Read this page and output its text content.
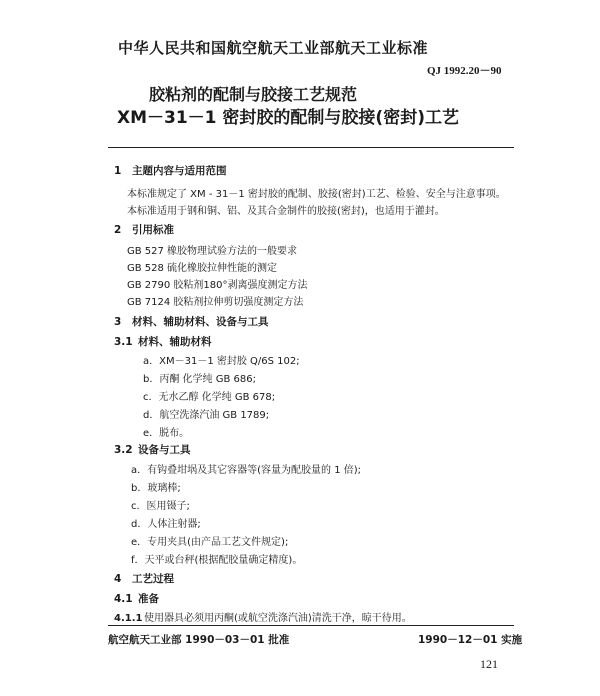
中华人民共和国航空航天工业部航天工业标准
QJ 1992.20－90
胶粘剂的配制与胶接工艺规范
XM－31－1 密封胶的配制与胶接(密封)工艺
1 主题内容与适用范围
本标准规定了 XM - 31－1 密封胶的配制、胶接(密封)工艺、检验、安全与注意事项。
本标准适用于钢和铜、铝、及其合金制件的胶接(密封)，也适用于灌封。
2 引用标准
GB 527 橡胶物理试验方法的一般要求
GB 528 硫化橡胶拉伸性能的测定
GB 2790 胶粘剂180°剥离强度测定方法
GB 7124 胶粘剂拉伸剪切强度测定方法
3 材料、辅助材料、设备与工具
3.1 材料、辅助材料
a．XM－31－1 密封胶 Q/6S 102;
b．丙酮 化学纯 GB 686;
c．无水乙醇 化学纯 GB 678;
d．航空洗涤汽油 GB 1789;
e．脱布。
3.2 设备与工具
a．有钩叠坩埚及其它容器等(容量为配胶量的 1 倍);
b．玻璃棒;
c．医用镊子;
d．人体注射器;
e．专用夹具(由产品工艺文件规定);
f．天平或台秤(根据配胶量确定精度)。
4 工艺过程
4.1 准备
4.1.1 使用器具必须用丙酮(或航空洗涤汽油)清洗干净，晾干待用。
航空航天工业部 1990－03－01 批准	1990－12－01 实施
121
